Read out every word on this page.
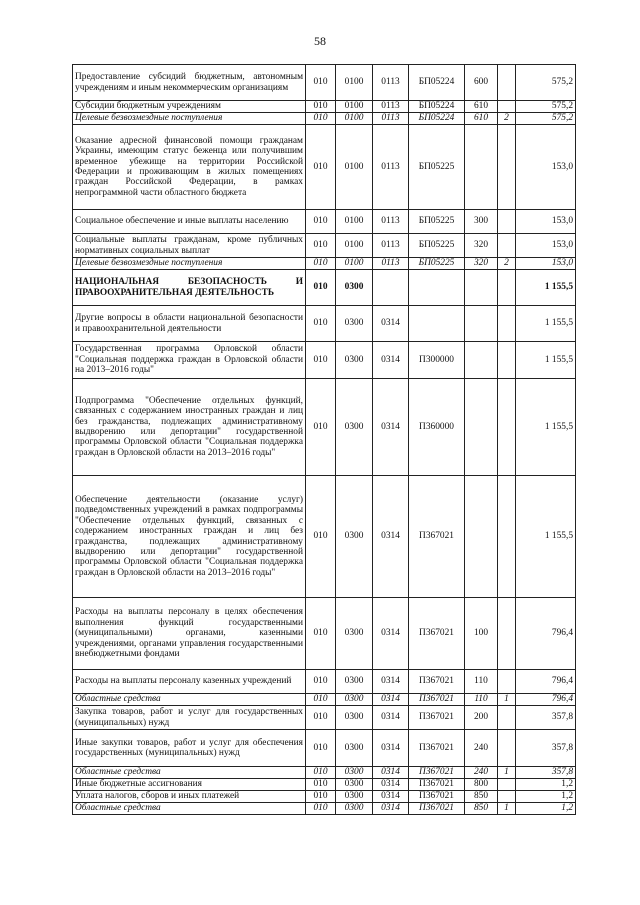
58
Предоставление субсидий бюджетным, автономным учреждениям и иным некоммерческим организациям	010	0100	0113	БП05224	600		575,2
Субсидии бюджетным учреждениям	010	0100	0113	БП05224	610		575,2
Целевые безвозмездные поступления	010	0100	0113	БП05224	610	2	575,2
Оказание адресной финансовой помощи гражданам Украины, имеющим статус беженца или получившим временное убежище на территории Российской Федерации и проживающим в жилых помещениях граждан Российской Федерации, в рамках непрограммной части областного бюджета	010	0100	0113	БП05225			153,0
Социальное обеспечение и иные выплаты населению	010	0100	0113	БП05225	300		153,0
Социальные выплаты гражданам, кроме публичных нормативных социальных выплат	010	0100	0113	БП05225	320		153,0
Целевые безвозмездные поступления	010	0100	0113	БП05225	320	2	153,0
НАЦИОНАЛЬНАЯ БЕЗОПАСНОСТЬ И ПРАВООХРАНИТЕЛЬНАЯ ДЕЯТЕЛЬНОСТЬ	010	0300					1 155,5
Другие вопросы в области национальной безопасности и правоохранительной деятельности	010	0300	0314				1 155,5
Государственная программа Орловской области "Социальная поддержка граждан в Орловской области на 2013–2016 годы"	010	0300	0314	П300000			1 155,5
Подпрограмма "Обеспечение отдельных функций, связанных с содержанием иностранных граждан и лиц без гражданства, подлежащих административному выдворению или депортации" государственной программы Орловской области "Социальная поддержка граждан в Орловской области на 2013–2016 годы"	010	0300	0314	П360000			1 155,5
Обеспечение деятельности (оказание услуг) подведомственных учреждений в рамках подпрограммы "Обеспечение отдельных функций, связанных с содержанием иностранных граждан и лиц без гражданства, подлежащих административному выдворению или депортации" государственной программы Орловской области "Социальная поддержка граждан в Орловской области на 2013–2016 годы"	010	0300	0314	П367021			1 155,5
Расходы на выплаты персоналу в целях обеспечения выполнения функций государственными (муниципальными) органами, казенными учреждениями, органами управления государственными внебюджетными фондами	010	0300	0314	П367021	100		796,4
Расходы на выплаты персоналу казенных учреждений	010	0300	0314	П367021	110		796,4
Областные средства	010	0300	0314	П367021	110	1	796,4
Закупка товаров, работ и услуг для государственных (муниципальных) нужд	010	0300	0314	П367021	200		357,8
Иные закупки товаров, работ и услуг для обеспечения государственных (муниципальных) нужд	010	0300	0314	П367021	240		357,8
Областные средства	010	0300	0314	П367021	240	1	357,8
Иные бюджетные ассигнования	010	0300	0314	П367021	800		1,2
Уплата налогов, сборов и иных платежей	010	0300	0314	П367021	850		1,2
Областные средства	010	0300	0314	П367021	850	1	1,2
